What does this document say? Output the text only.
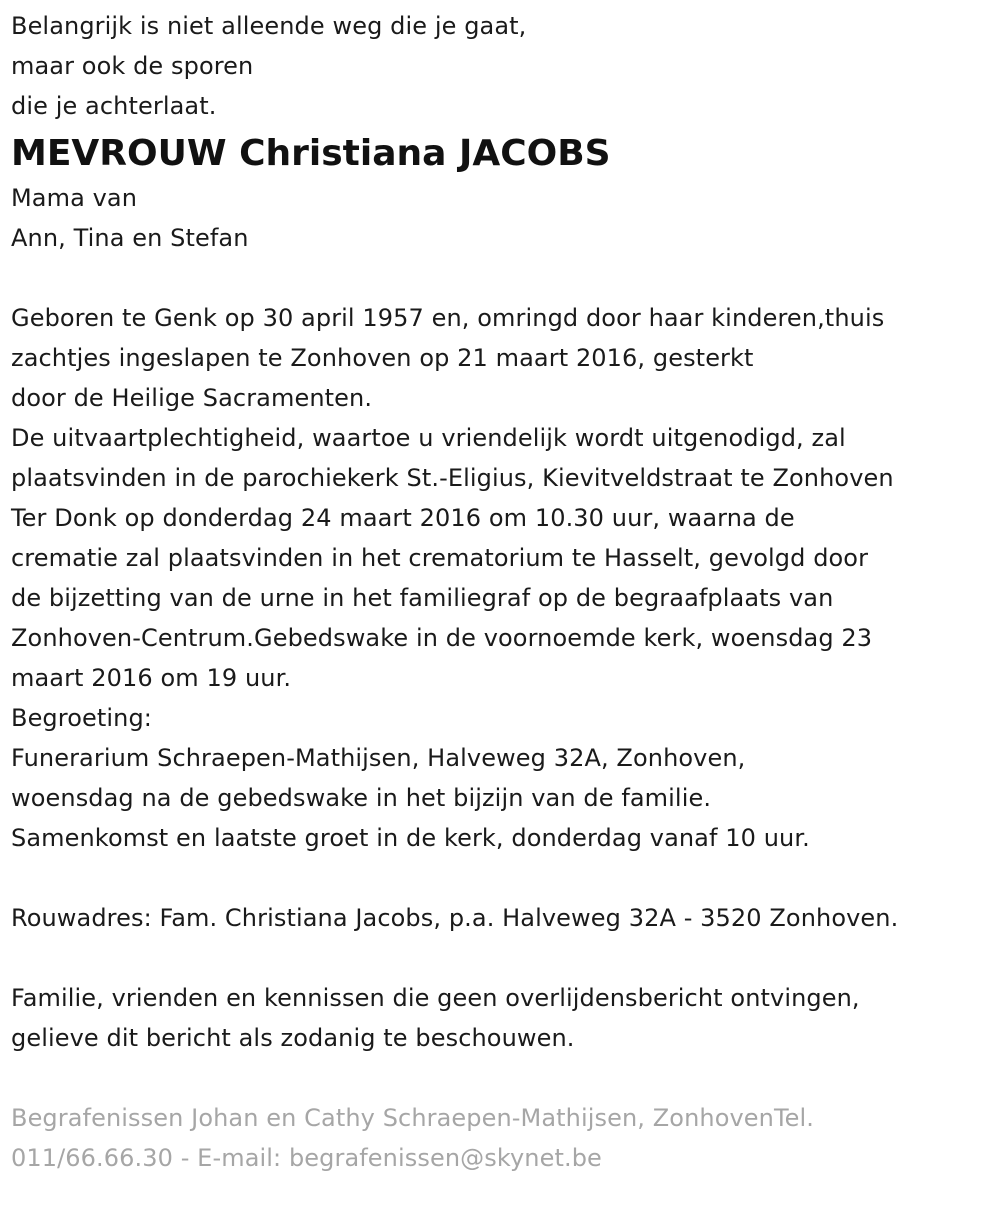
Belangrijk is niet alleende weg die je gaat,
maar ook de sporen
die je achterlaat.
MEVROUW Christiana JACOBS
Mama van
Ann, Tina en Stefan
Geboren te Genk op 30 april 1957 en, omringd door haar kinderen,thuis
zachtjes ingeslapen te Zonhoven op 21 maart 2016, gesterkt
door de Heilige Sacramenten.
De uitvaartplechtigheid, waartoe u vriendelijk wordt uitgenodigd, zal
plaatsvinden in de parochiekerk St.-Eligius, Kievitveldstraat te Zonhoven
Ter Donk op donderdag 24 maart 2016 om 10.30 uur, waarna de
crematie zal plaatsvinden in het crematorium te Hasselt, gevolgd door
de bijzetting van de urne in het familiegraf op de begraafplaats van
Zonhoven-Centrum.Gebedswake in de voornoemde kerk, woensdag 23
maart 2016 om 19 uur.
Begroeting:
Funerarium Schraepen-Mathijsen, Halveweg 32A, Zonhoven,
woensdag na de gebedswake in het bijzijn van de familie.
Samenkomst en laatste groet in de kerk, donderdag vanaf 10 uur.
Rouwadres: Fam. Christiana Jacobs, p.a. Halveweg 32A - 3520 Zonhoven.
Familie, vrienden en kennissen die geen overlijdensbericht ontvingen,
gelieve dit bericht als zodanig te beschouwen.
Begrafenissen Johan en Cathy Schraepen-Mathijsen, ZonhovenTel.
011/66.66.30 - E-mail: begrafenissen@skynet.be
